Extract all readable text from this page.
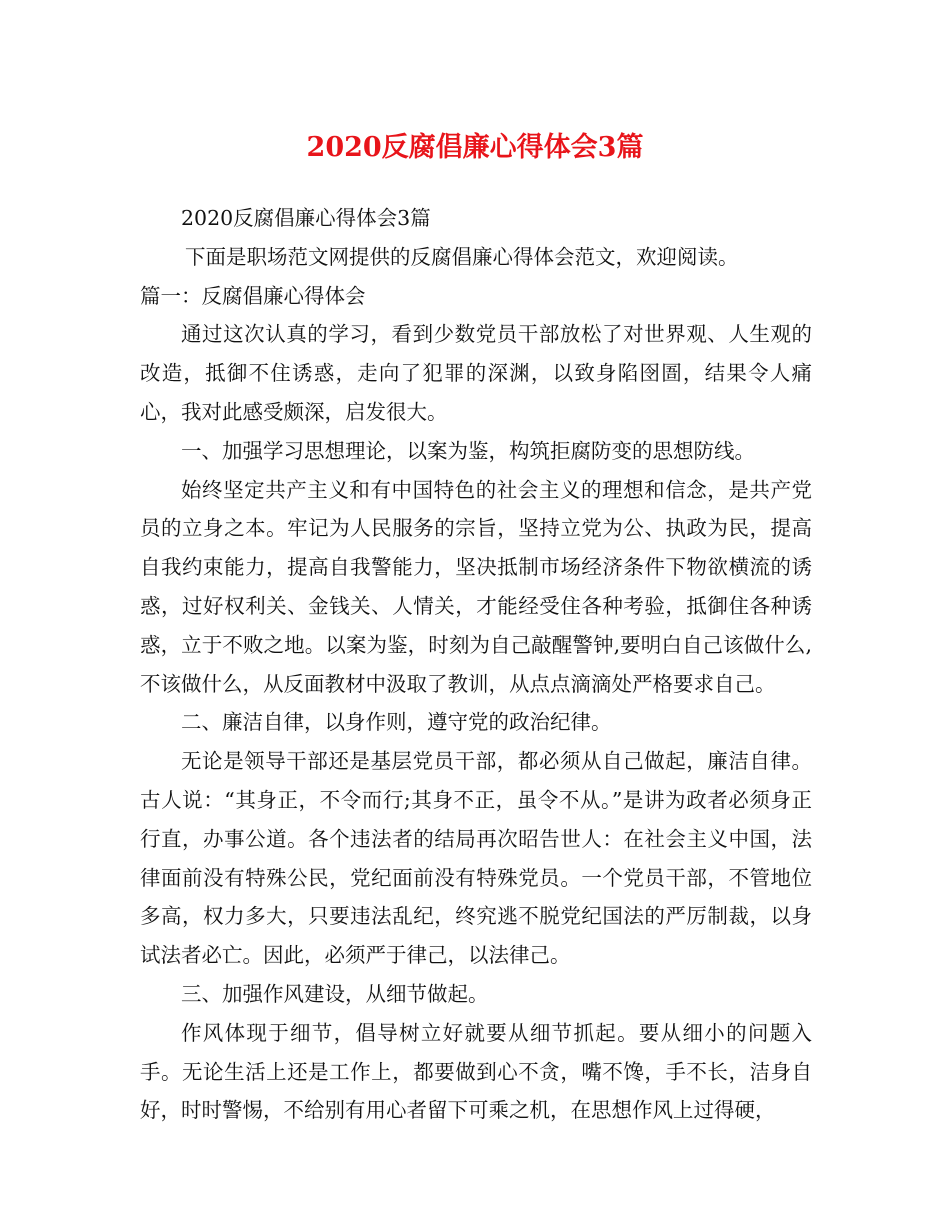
2020反腐倡廉心得体会3篇

2020反腐倡廉心得体会3篇

下面是职场范文网提供的反腐倡廉心得体会范文，欢迎阅读。

篇一：反腐倡廉心得体会

通过这次认真的学习，看到少数党员干部放松了对世界观、人生观的改造，抵御不住诱惑，走向了犯罪的深渊，以致身陷囹圄，结果令人痛心，我对此感受颇深，启发很大。

一、加强学习思想理论，以案为鉴，构筑拒腐防变的思想防线。

始终坚定共产主义和有中国特色的社会主义的理想和信念，是共产党员的立身之本。牢记为人民服务的宗旨，坚持立党为公、执政为民，提高自我约束能力，提高自我警能力，坚决抵制市场经济条件下物欲横流的诱惑，过好权利关、金钱关、人情关，才能经受住各种考验，抵御住各种诱惑，立于不败之地。以案为鉴，时刻为自己敲醒警钟,要明白自己该做什么,不该做什么，从反面教材中汲取了教训，从点点滴滴处严格要求自己。

二、廉洁自律，以身作则，遵守党的政治纪律。

无论是领导干部还是基层党员干部，都必须从自己做起，廉洁自律。古人说：“其身正，不令而行;其身不正，虽令不从。”是讲为政者必须身正行直，办事公道。各个违法者的结局再次昭告世人：在社会主义中国，法律面前没有特殊公民，党纪面前没有特殊党员。一个党员干部，不管地位多高，权力多大，只要违法乱纪，终究逃不脱党纪国法的严厉制裁，以身试法者必亡。因此，必须严于律己，以法律己。

三、加强作风建设，从细节做起。

作风体现于细节，倡导树立好就要从细节抓起。要从细小的问题入手。无论生活上还是工作上，都要做到心不贪，嘴不馋，手不长，洁身自好，时时警惕，不给别有用心者留下可乘之机，在思想作风上过得硬，
